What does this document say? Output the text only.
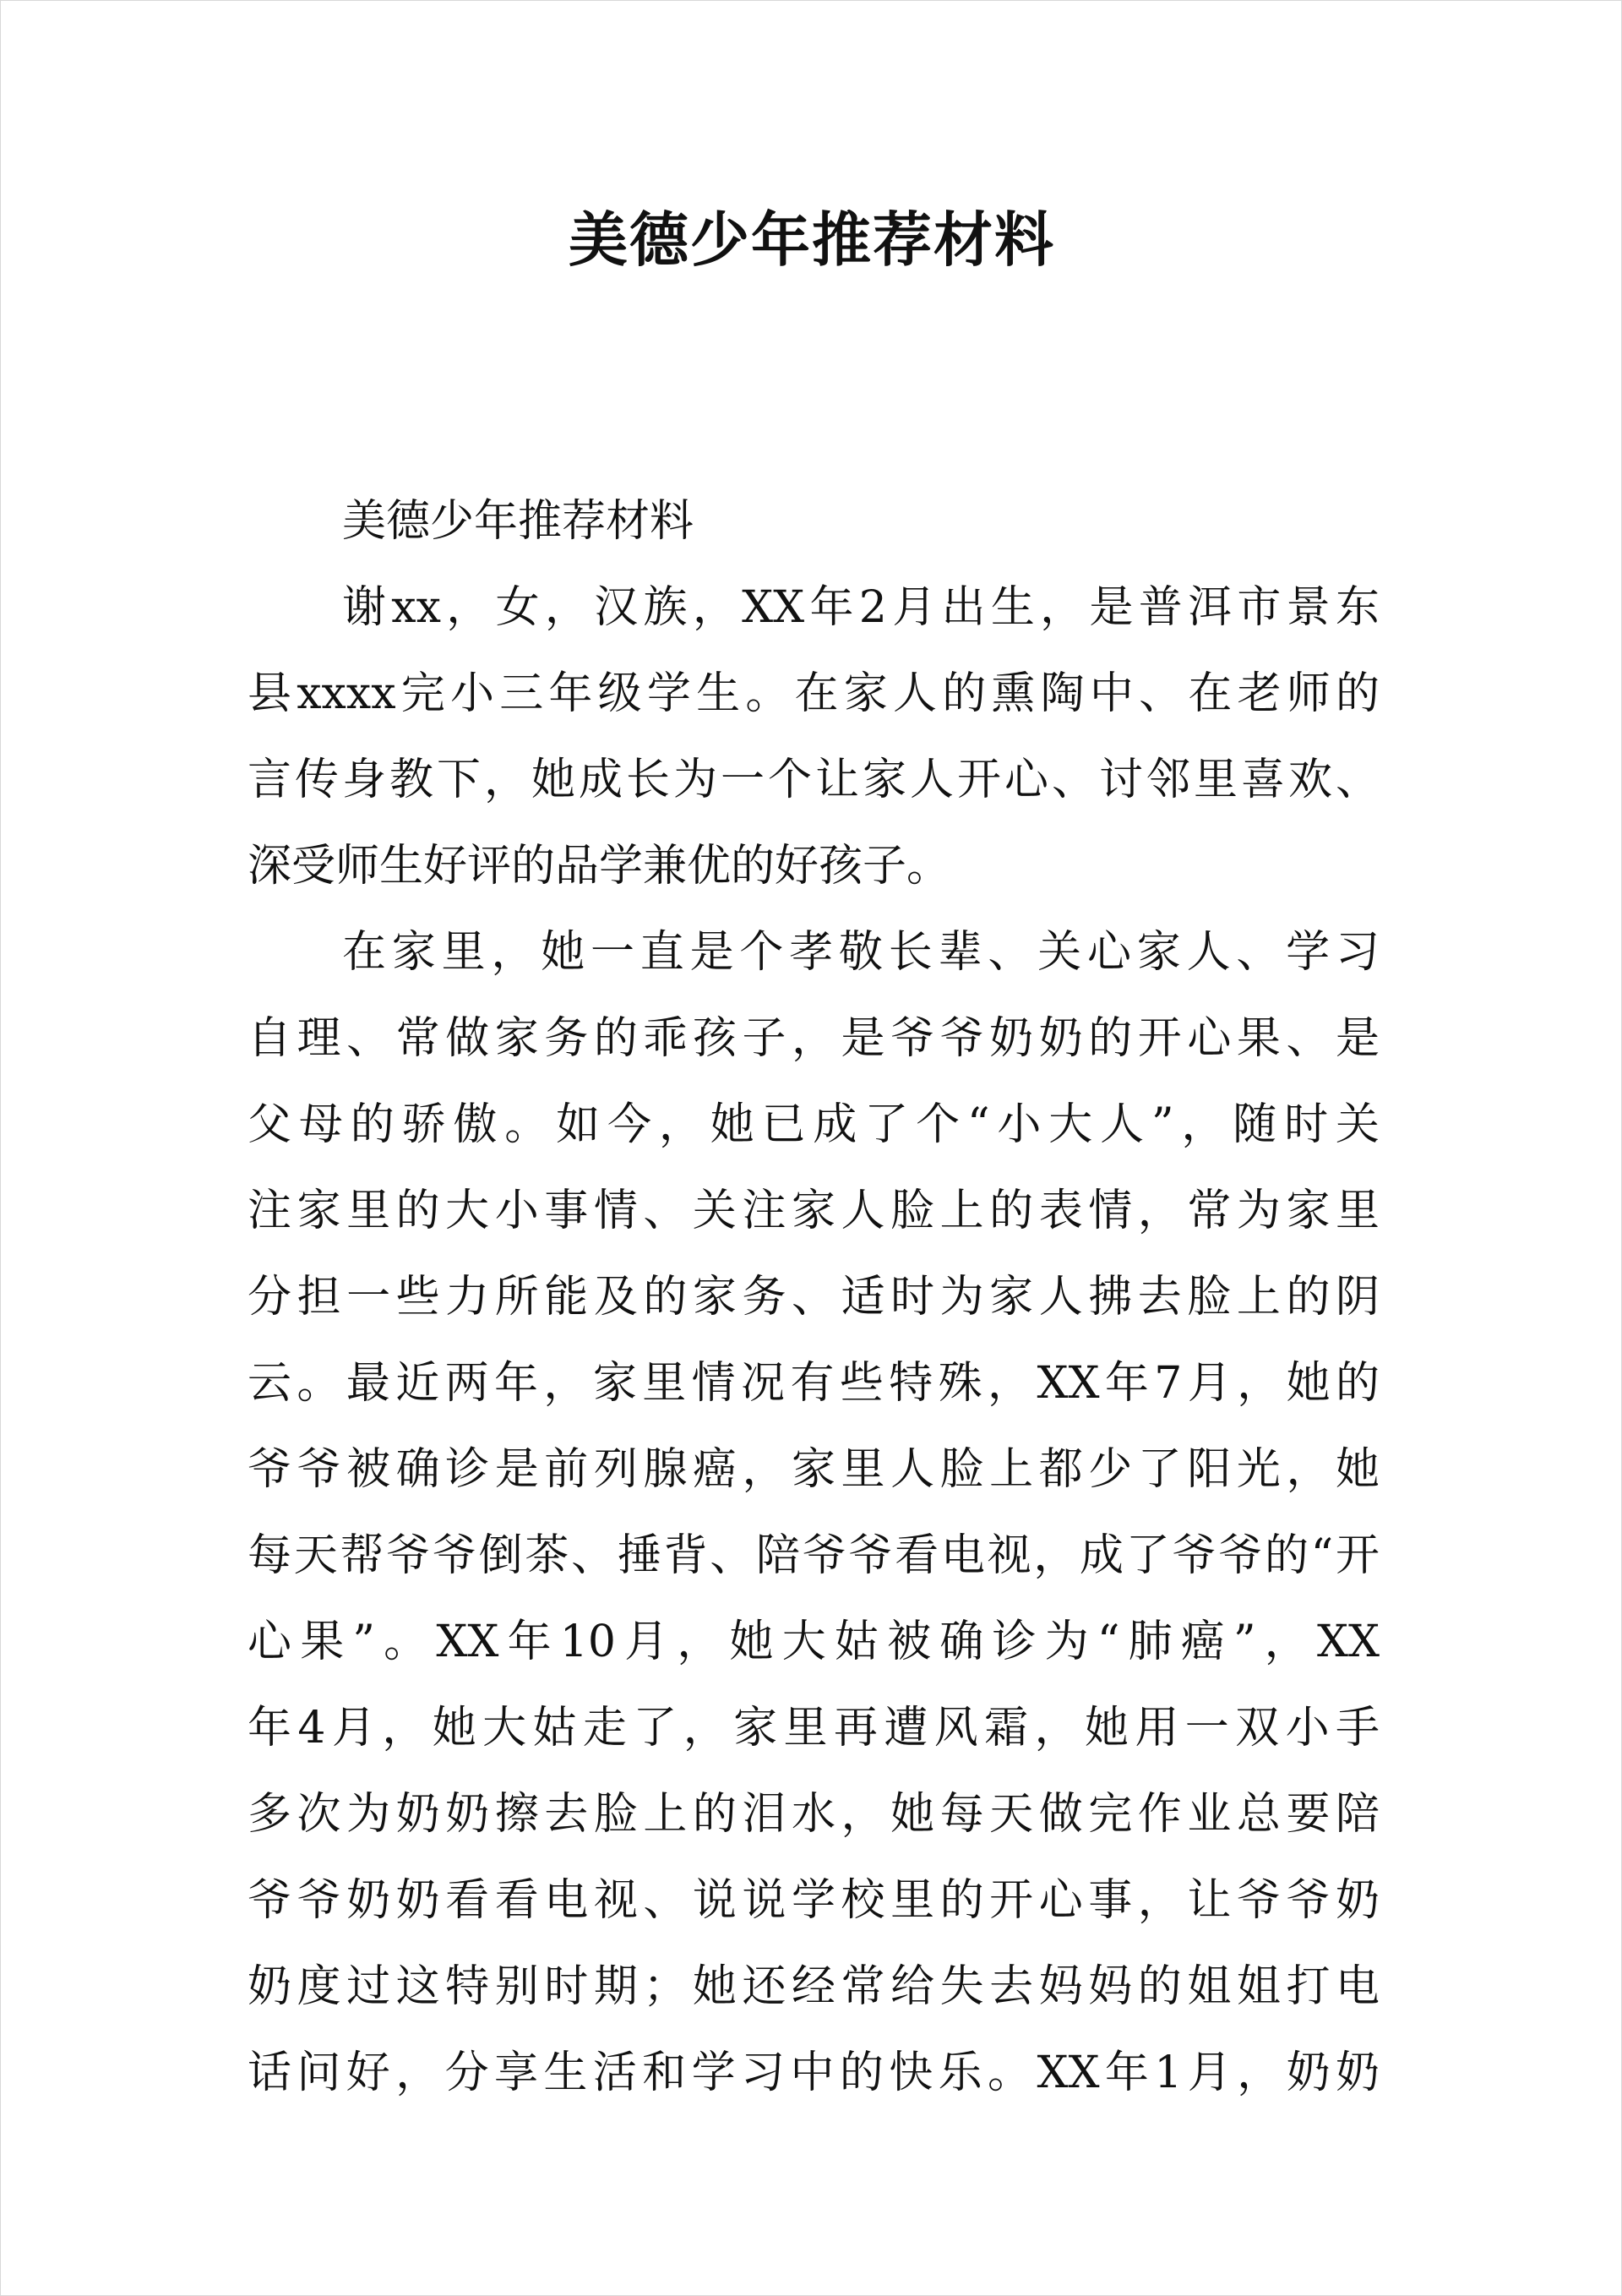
美德少年推荐材料
美德少年推荐材料
谢xx，女，汉族，XX年2月出生，是普洱市景东
县xxxx完小三年级学生。在家人的熏陶中、在老师的
言传身教下，她成长为一个让家人开心、讨邻里喜欢、
深受师生好评的品学兼优的好孩子。
在家里，她一直是个孝敬长辈、关心家人、学习
自理、常做家务的乖孩子，是爷爷奶奶的开心果、是
父母的骄傲。如今，她已成了个“小大人”，随时关
注家里的大小事情、关注家人脸上的表情，常为家里
分担一些力所能及的家务、适时为家人拂去脸上的阴
云。最近两年，家里情况有些特殊，XX年7月，她的
爷爷被确诊是前列腺癌，家里人脸上都少了阳光，她
每天帮爷爷倒茶、捶背、陪爷爷看电视，成了爷爷的“开
心果”。XX年10月，她大姑被确诊为“肺癌”，XX
年4月，她大姑走了，家里再遭风霜，她用一双小手
多次为奶奶擦去脸上的泪水，她每天做完作业总要陪
爷爷奶奶看看电视、说说学校里的开心事，让爷爷奶
奶度过这特别时期；她还经常给失去妈妈的姐姐打电
话问好，分享生活和学习中的快乐。XX年1月，奶奶
